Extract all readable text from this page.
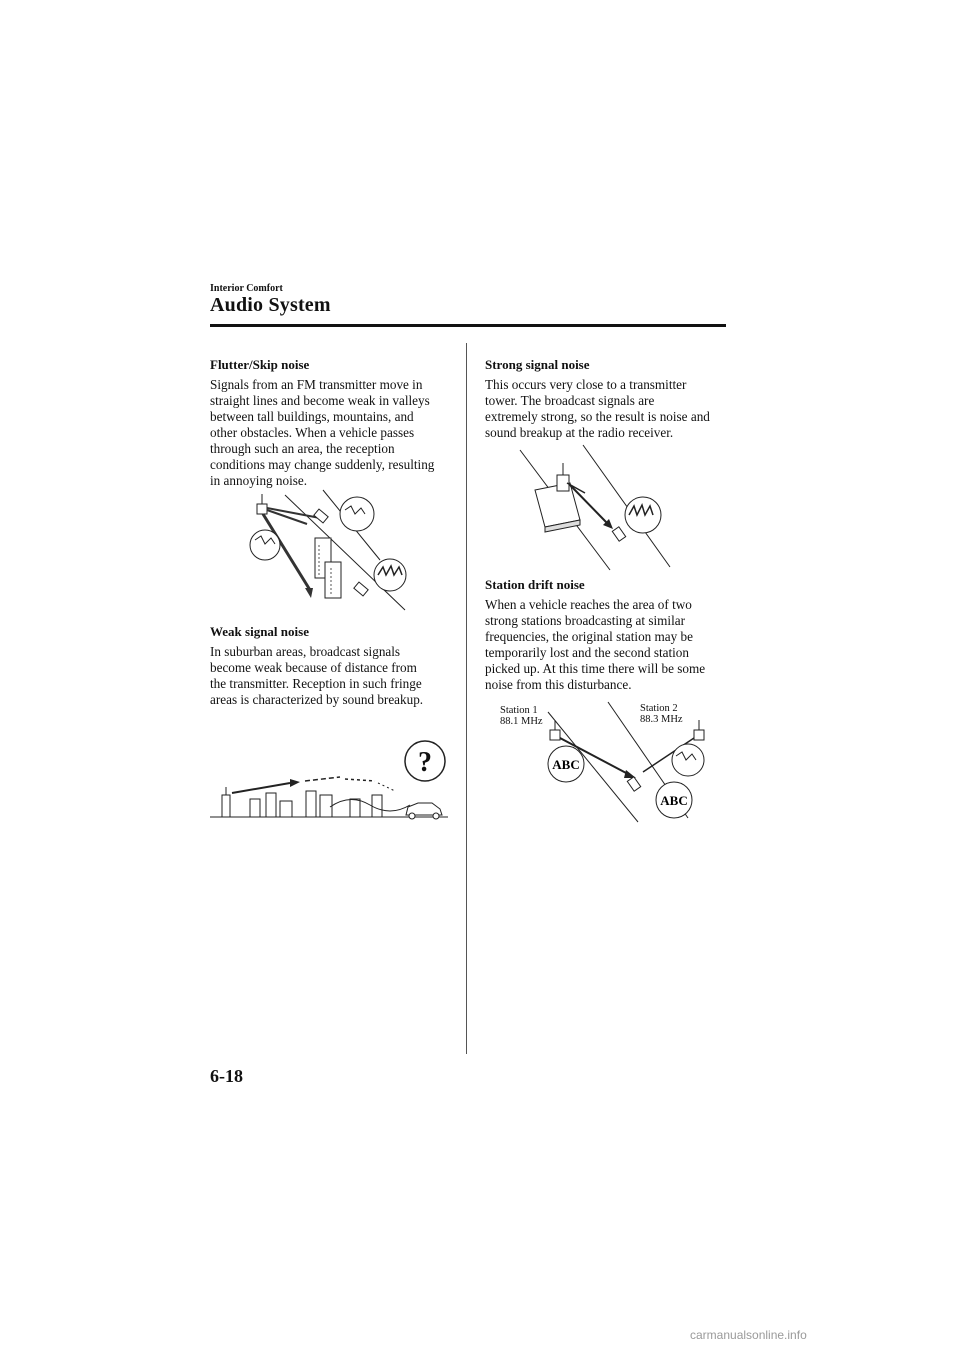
Interior Comfort
Audio System
Flutter/Skip noise

Signals from an FM transmitter move in
straight lines and become weak in valleys
between tall buildings, mountains, and
other obstacles. When a vehicle passes
through such an area, the reception
conditions may change suddenly, resulting
in annoying noise.

Weak signal noise

In suburban areas, broadcast signals
become weak because of distance from
the transmitter. Reception in such fringe
areas is characterized by sound breakup.

?
Strong signal noise

This occurs very close to a transmitter
tower. The broadcast signals are
extremely strong, so the result is noise and
sound breakup at the radio receiver.

Station drift noise

When a vehicle reaches the area of two
strong stations broadcasting at similar
frequencies, the original station may be
temporarily lost and the second station
picked up. At this time there will be some
noise from this disturbance.

Station 1
88.1 MHz
Station 2
88.3 MHz
ABC
ABC
6-18
carmanualsonline.info
